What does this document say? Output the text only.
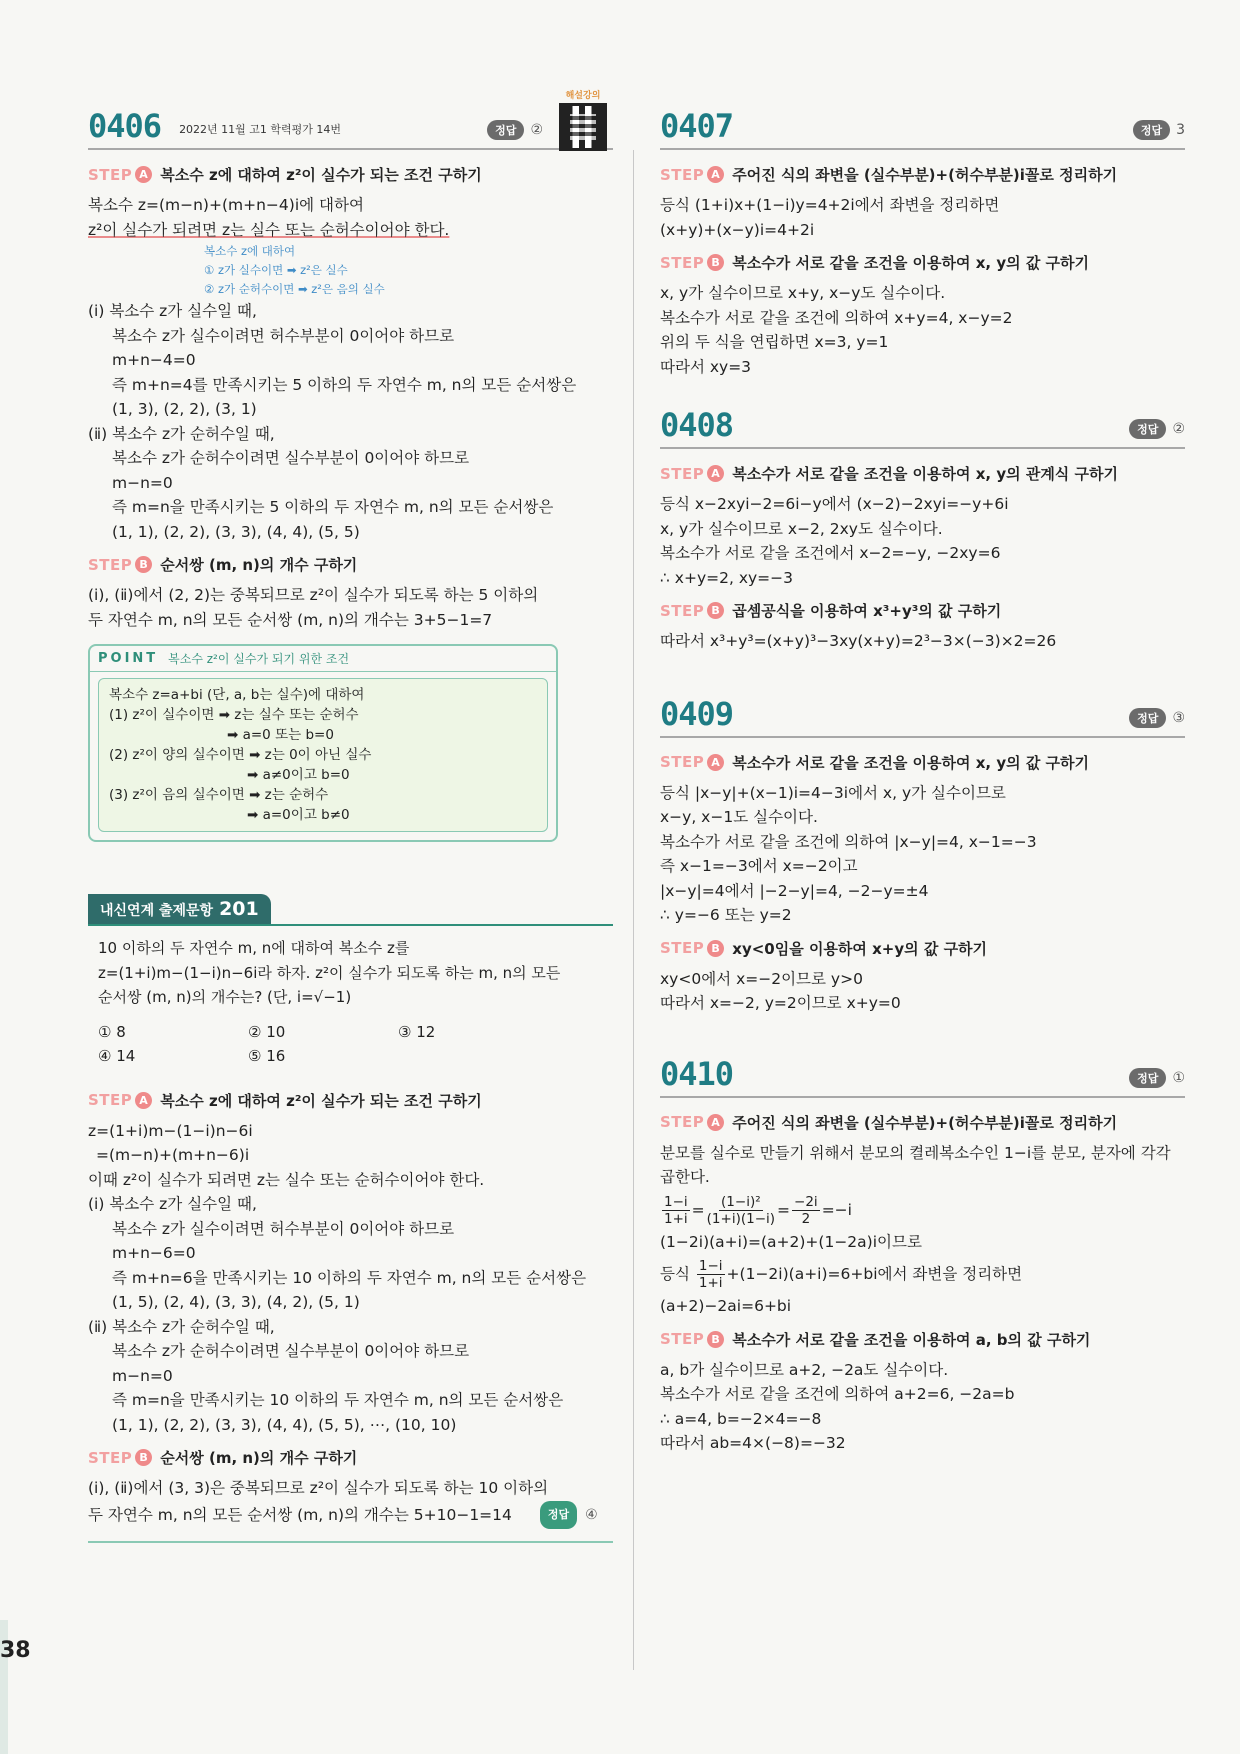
38
0406 2022년 11월 고1 학력평가 14번	정답	②
해설강의
STEP A 복소수 z에 대하여 z²이 실수가 되는 조건 구하기
복소수 z=(m−n)+(m+n−4)i에 대하여
z²이 실수가 되려면 z는 실수 또는 순허수이어야 한다.
복소수 z에 대하여
① z가 실수이면 ➡ z²은 실수
② z가 순허수이면 ➡ z²은 음의 실수
(ⅰ) 복소수 z가 실수일 때,
복소수 z가 실수이려면 허수부분이 0이어야 하므로
m+n−4=0
즉 m+n=4를 만족시키는 5 이하의 두 자연수 m, n의 모든 순서쌍은
(1, 3), (2, 2), (3, 1)
(ⅱ) 복소수 z가 순허수일 때,
복소수 z가 순허수이려면 실수부분이 0이어야 하므로
m−n=0
즉 m=n을 만족시키는 5 이하의 두 자연수 m, n의 모든 순서쌍은
(1, 1), (2, 2), (3, 3), (4, 4), (5, 5)
STEP B 순서쌍 (m, n)의 개수 구하기
(ⅰ), (ⅱ)에서 (2, 2)는 중복되므로 z²이 실수가 되도록 하는 5 이하의
두 자연수 m, n의 모든 순서쌍 (m, n)의 개수는 3+5−1=7
POINT 복소수 z²이 실수가 되기 위한 조건
복소수 z=a+bi (단, a, b는 실수)에 대하여
(1) z²이 실수이면 ➡ z는 실수 또는 순허수
➡ a=0 또는 b=0
(2) z²이 양의 실수이면 ➡ z는 0이 아닌 실수
➡ a≠0이고 b=0
(3) z²이 음의 실수이면 ➡ z는 순허수
➡ a=0이고 b≠0
내신연계 출제문항 201
10 이하의 두 자연수 m, n에 대하여 복소수 z를
z=(1+i)m−(1−i)n−6i라 하자. z²이 실수가 되도록 하는 m, n의 모든
순서쌍 (m, n)의 개수는? (단, i=√−1)
① 8	② 10	③ 12
④ 14	⑤ 16
STEP A 복소수 z에 대하여 z²이 실수가 되는 조건 구하기
z=(1+i)m−(1−i)n−6i
=(m−n)+(m+n−6)i
이때 z²이 실수가 되려면 z는 실수 또는 순허수이어야 한다.
(ⅰ) 복소수 z가 실수일 때,
복소수 z가 실수이려면 허수부분이 0이어야 하므로
m+n−6=0
즉 m+n=6을 만족시키는 10 이하의 두 자연수 m, n의 모든 순서쌍은
(1, 5), (2, 4), (3, 3), (4, 2), (5, 1)
(ⅱ) 복소수 z가 순허수일 때,
복소수 z가 순허수이려면 실수부분이 0이어야 하므로
m−n=0
즉 m=n을 만족시키는 10 이하의 두 자연수 m, n의 모든 순서쌍은
(1, 1), (2, 2), (3, 3), (4, 4), (5, 5), ⋯, (10, 10)
STEP B 순서쌍 (m, n)의 개수 구하기
(ⅰ), (ⅱ)에서 (3, 3)은 중복되므로 z²이 실수가 되도록 하는 10 이하의
두 자연수 m, n의 모든 순서쌍 (m, n)의 개수는 5+10−1=14	정답	④
0407	정답	3
STEP A 주어진 식의 좌변을 (실수부분)+(허수부분)i꼴로 정리하기
등식 (1+i)x+(1−i)y=4+2i에서 좌변을 정리하면
(x+y)+(x−y)i=4+2i
STEP B 복소수가 서로 같을 조건을 이용하여 x, y의 값 구하기
x, y가 실수이므로 x+y, x−y도 실수이다.
복소수가 서로 같을 조건에 의하여 x+y=4, x−y=2
위의 두 식을 연립하면 x=3, y=1
따라서 xy=3
0408	정답	②
STEP A 복소수가 서로 같을 조건을 이용하여 x, y의 관계식 구하기
등식 x−2xyi−2=6i−y에서 (x−2)−2xyi=−y+6i
x, y가 실수이므로 x−2, 2xy도 실수이다.
복소수가 서로 같을 조건에서 x−2=−y, −2xy=6
∴ x+y=2, xy=−3
STEP B 곱셈공식을 이용하여 x³+y³의 값 구하기
따라서 x³+y³=(x+y)³−3xy(x+y)=2³−3×(−3)×2=26
0409	정답	③
STEP A 복소수가 서로 같을 조건을 이용하여 x, y의 값 구하기
등식 |x−y|+(x−1)i=4−3i에서 x, y가 실수이므로
x−y, x−1도 실수이다.
복소수가 서로 같을 조건에 의하여 |x−y|=4, x−1=−3
즉 x−1=−3에서 x=−2이고
|x−y|=4에서 |−2−y|=4, −2−y=±4
∴ y=−6 또는 y=2
STEP B xy<0임을 이용하여 x+y의 값 구하기
xy<0에서 x=−2이므로 y>0
따라서 x=−2, y=2이므로 x+y=0
0410	정답	①
STEP A 주어진 식의 좌변을 (실수부분)+(허수부분)i꼴로 정리하기
분모를 실수로 만들기 위해서 분모의 켤레복소수인 1−i를 분모, 분자에 각각
곱한다.
$\frac{1-i}{1+i} = \frac{\text{(1−i)²}}{(1+i)(1-i)} = \frac{-2i}{2} =-i$
(1−2i)(a+i)=(a+2)+(1−2a)i이므로
등식 $\frac{1-i}{1+i} +(1-2i)(a+i)=6+bi$에서 좌변을 정리하면
(a+2)−2ai=6+bi
STEP B 복소수가 서로 같을 조건을 이용하여 a, b의 값 구하기
a, b가 실수이므로 a+2, −2a도 실수이다.
복소수가 서로 같을 조건에 의하여 a+2=6, −2a=b
∴ a=4, b=−2×4=−8
따라서 ab=4×(−8)=−32
